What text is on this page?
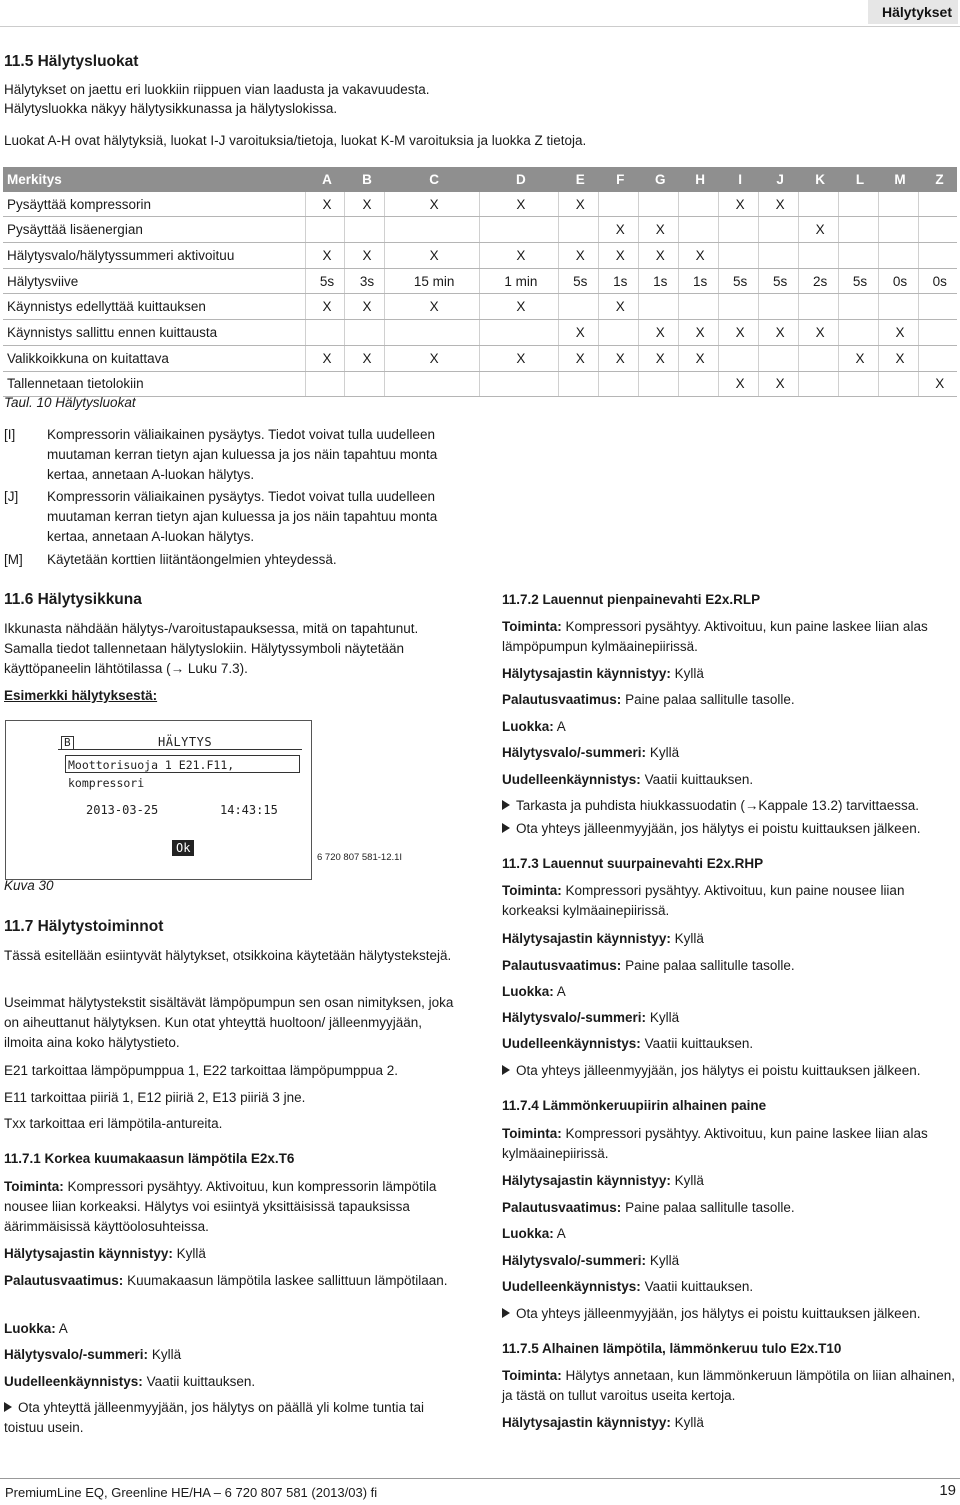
Hälytykset
11.5 Hälytysluokat

Hälytykset on jaettu eri luokkiin riippuen vian laadusta ja vakavuudesta.

Hälytysluokka näkyy hälytysikkunassa ja hälytyslokissa.

Luokat A-H ovat hälytyksiä, luokat I-J varoituksia/tietoja, luokat K-M varoituksia ja luokka Z tietoja.

Merkitys	A	B	C	D	E	F	G	H	I	J	K	L	M	Z
Pysäyttää kompressorin	X	X	X	X	X				X	X				
Pysäyttää lisäenergian						X	X				X			
Hälytysvalo/hälytyssummeri aktivoituu	X	X	X	X	X	X	X	X						
Hälytysviive	5s	3s	15 min	1 min	5s	1s	1s	1s	5s	5s	2s	5s	0s	0s
Käynnistys edellyttää kuittauksen	X	X	X	X		X								
Käynnistys sallittu ennen kuittausta					X		X	X	X	X	X		X	
Valikkoikkuna on kuitattava	X	X	X	X	X	X	X	X				X	X	
Tallennetaan tietolokiin									X	X				X
Taul. 10 Hälytysluokat
[I]	Kompressorin väliaikainen pysäytys. Tiedot voivat tulla uudelleen muutaman kerran tietyn ajan kuluessa ja jos näin tapahtuu monta kertaa, annetaan A-luokan hälytys.
[J]	Kompressorin väliaikainen pysäytys. Tiedot voivat tulla uudelleen muutaman kerran tietyn ajan kuluessa ja jos näin tapahtuu monta kertaa, annetaan A-luokan hälytys.
[M]	Käytetään korttien liitäntäongelmien yhteydessä.
11.6 Hälytysikkuna

Ikkunasta nähdään hälytys-/varoitustapauksessa, mitä on tapahtunut. Samalla tiedot tallennetaan hälytyslokiin. Hälytyssymboli näytetään käyttöpaneelin lähtötilassa (→ Luku 7.3).

Esimerkki hälytyksestä:
B	HÄLYTYS
Moottorisuoja 1 E21.F11, kompressori
2013-03-25	14:43:15
Ok
6 720 807 581-12.1I
Kuva 30
11.7 Hälytystoiminnot

Tässä esitellään esiintyvät hälytykset, otsikkoina käytetään hälytystekstejä.

Useimmat hälytystekstit sisältävät lämpöpumpun sen osan nimityksen, joka on aiheuttanut hälytyksen. Kun otat yhteyttä huoltoon/ jälleenmyyjään, ilmoita aina koko hälytystieto.

E21 tarkoittaa lämpöpumppua 1, E22 tarkoittaa lämpöpumppua 2.

E11 tarkoittaa piiriä 1, E12 piiriä 2, E13 piiriä 3 jne.

Txx tarkoittaa eri lämpötila-antureita.

11.7.1 Korkea kuumakaasun lämpötila E2x.T6

Toiminta: Kompressori pysähtyy. Aktivoituu, kun kompressorin lämpötila nousee liian korkeaksi. Hälytys voi esiintyä yksittäisissä tapauksissa äärimmäisissä käyttöolosuhteissa.

Hälytysajastin käynnistyy: Kyllä

Palautusvaatimus: Kuumakaasun lämpötila laskee sallittuun lämpötilaan.

Luokka: A

Hälytysvalo/-summeri: Kyllä

Uudelleenkäynnistys: Vaatii kuittauksen.

Ota yhteyttä jälleenmyyjään, jos hälytys on päällä yli kolme tuntia tai toistuu usein.

11.7.2 Lauennut pienpainevahti E2x.RLP

Toiminta: Kompressori pysähtyy. Aktivoituu, kun paine laskee liian alas lämpöpumpun kylmäainepiirissä.

Hälytysajastin käynnistyy: Kyllä

Palautusvaatimus: Paine palaa sallitulle tasolle.

Luokka: A

Hälytysvalo/-summeri: Kyllä

Uudelleenkäynnistys: Vaatii kuittauksen.

Tarkasta ja puhdista hiukkassuodatin (→Kappale 13.2) tarvittaessa.

Ota yhteys jälleenmyyjään, jos hälytys ei poistu kuittauksen jälkeen.

11.7.3 Lauennut suurpainevahti E2x.RHP

Toiminta: Kompressori pysähtyy. Aktivoituu, kun paine nousee liian korkeaksi kylmäainepiirissä.

Hälytysajastin käynnistyy: Kyllä

Palautusvaatimus: Paine palaa sallitulle tasolle.

Luokka: A

Hälytysvalo/-summeri: Kyllä

Uudelleenkäynnistys: Vaatii kuittauksen.

Ota yhteys jälleenmyyjään, jos hälytys ei poistu kuittauksen jälkeen.

11.7.4 Lämmönkeruupiirin alhainen paine

Toiminta: Kompressori pysähtyy. Aktivoituu, kun paine laskee liian alas kylmäainepiirissä.

Hälytysajastin käynnistyy: Kyllä

Palautusvaatimus: Paine palaa sallitulle tasolle.

Luokka: A

Hälytysvalo/-summeri: Kyllä

Uudelleenkäynnistys: Vaatii kuittauksen.

Ota yhteys jälleenmyyjään, jos hälytys ei poistu kuittauksen jälkeen.

11.7.5 Alhainen lämpötila, lämmönkeruu tulo E2x.T10

Toiminta: Hälytys annetaan, kun lämmönkeruun lämpötila on liian alhainen, ja tästä on tullut varoitus useita kertoja.

Hälytysajastin käynnistyy: Kyllä

PremiumLine EQ, Greenline HE/HA – 6 720 807 581 (2013/03) fi	19
